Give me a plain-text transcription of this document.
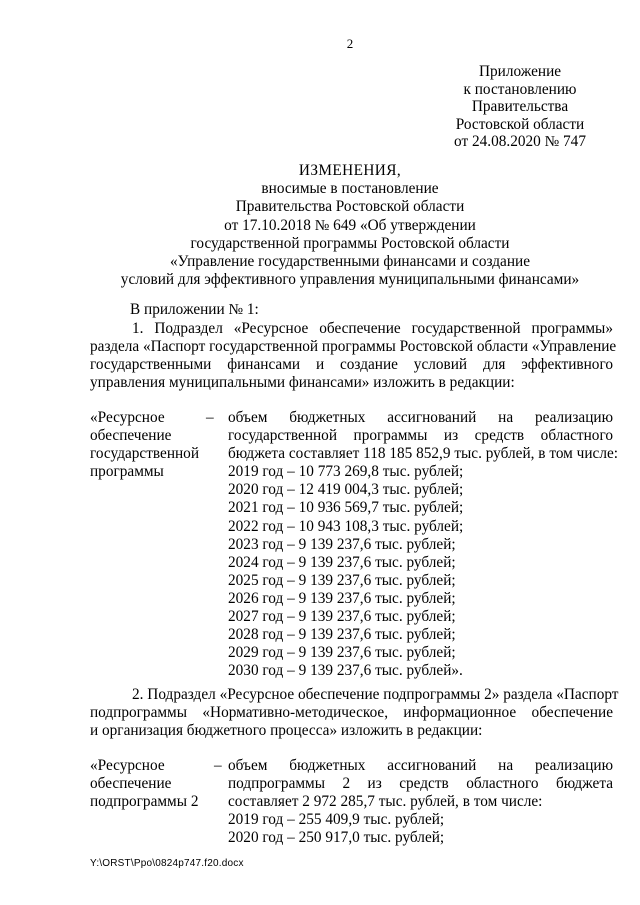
2
Приложение
к постановлению
Правительства
Ростовской области
от 24.08.2020 № 747
ИЗМЕНЕНИЯ,
вносимые в постановление
Правительства Ростовской области
от 17.10.2018 № 649 «Об утверждении
государственной программы Ростовской области
«Управление государственными финансами и создание
условий для эффективного управления муниципальными финансами»
В приложении № 1:
1. Подраздел «Ресурсное обеспечение государственной программы»
раздела «Паспорт государственной программы Ростовской области «Управление
государственными финансами и создание условий для эффективного
управления муниципальными финансами» изложить в редакции:
«Ресурсное
обеспечение
государственной
программы
– объем бюджетных ассигнований на реализацию
государственной программы из средств областного
бюджета составляет 118 185 852,9 тыс. рублей, в том числе:
2019 год – 10 773 269,8 тыс. рублей;
2020 год – 12 419 004,3 тыс. рублей;
2021 год – 10 936 569,7 тыс. рублей;
2022 год – 10 943 108,3 тыс. рублей;
2023 год – 9 139 237,6 тыс. рублей;
2024 год – 9 139 237,6 тыс. рублей;
2025 год – 9 139 237,6 тыс. рублей;
2026 год – 9 139 237,6 тыс. рублей;
2027 год – 9 139 237,6 тыс. рублей;
2028 год – 9 139 237,6 тыс. рублей;
2029 год – 9 139 237,6 тыс. рублей;
2030 год – 9 139 237,6 тыс. рублей».
2. Подраздел «Ресурсное обеспечение подпрограммы 2» раздела «Паспорт
подпрограммы «Нормативно-методическое, информационное обеспечение
и организация бюджетного процесса» изложить в редакции:
«Ресурсное
обеспечение
подпрограммы 2
– объем бюджетных ассигнований на реализацию
подпрограммы 2 из средств областного бюджета
составляет 2 972 285,7 тыс. рублей, в том числе:
2019 год – 255 409,9 тыс. рублей;
2020 год – 250 917,0 тыс. рублей;
Y:\ORST\Ppo\0824p747.f20.docx
